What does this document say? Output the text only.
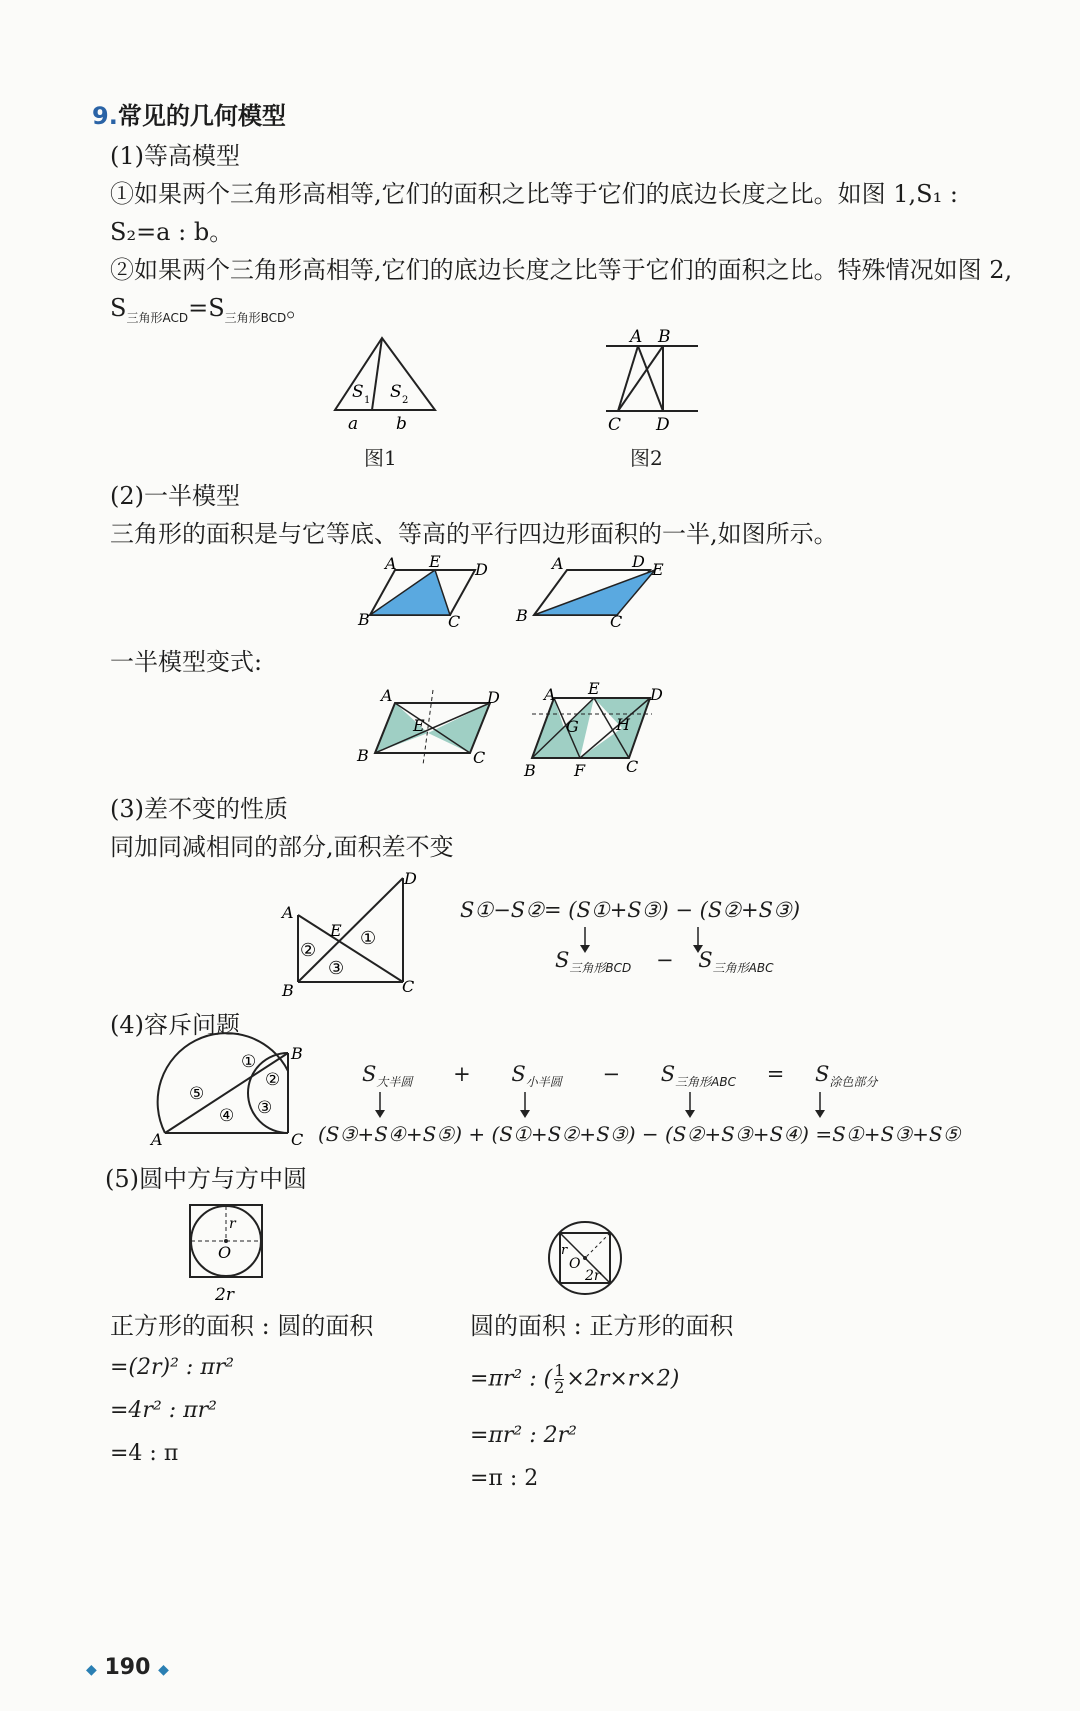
9.常见的几何模型
(1)等高模型
①如果两个三角形高相等,它们的面积之比等于它们的底边长度之比。如图 1,S₁ :
S₂=a : b。
②如果两个三角形高相等,它们的底边长度之比等于它们的面积之比。特殊情况如图 2,
$S_{三角形ACD}=S_{三角形BCD}$。
S 1 S 2
a b
图1
A B
C D
图2
(2)一半模型
三角形的面积是与它等底、等高的平行四边形面积的一半,如图所示。
A E D
B	C
A	D E
B	C
一半模型变式:
A	D
E
B	C
A E	D
G H
B F	C
(3)差不变的性质
同加同减相同的部分,面积差不变
A
D
E
B	C
①
②
③
S①−S②= (S①+S③) − (S②+S③)
$S_{三角形BCD} - S_{三角形ABC}$
(4)容斥问题
A
B
C
①
②
③
④
⑤
$S_{大半圆} + S_{小半圆} - S_{三角形ABC} = S_{涂色部分}$
(S③+S④+S⑤) + (S①+S②+S③) − (S②+S③+S④) =S①+S③+S⑤
(5)圆中方与方中圆
r
O
2r
r
O
2r
正方形的面积 : 圆的面积
=(2r)² : πr²
=4r² : πr²
=4 : π
圆的面积 : 正方形的面积
=πr² : ( $\frac{1}{2} \times 2r\times r\times 2$)
=πr² : 2r²
=π : 2
◆ 190 ◆
